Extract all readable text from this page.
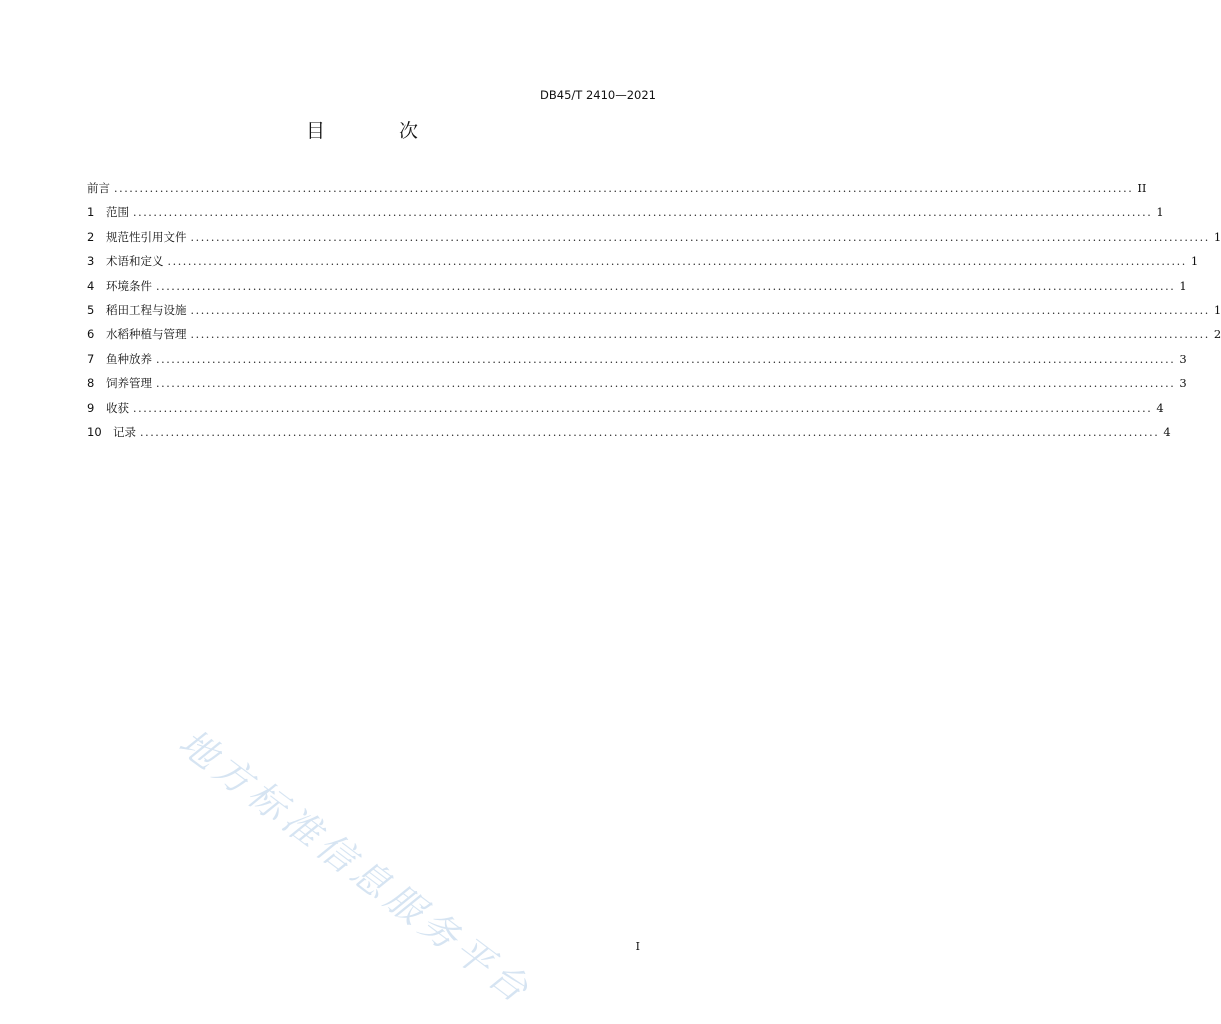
DB45/T 2410—2021
目 次
前言 ........................................................................................................................................................................................................ II
1	范围 ........................................................................................................................................................................................................ 1
2	规范性引用文件 ........................................................................................................................................................................................................ 1
3	术语和定义 ........................................................................................................................................................................................................ 1
4	环境条件 ........................................................................................................................................................................................................ 1
5	稻田工程与设施 ........................................................................................................................................................................................................ 1
6	水稻种植与管理 ........................................................................................................................................................................................................ 2
7	鱼种放养 ........................................................................................................................................................................................................ 3
8	饲养管理 ........................................................................................................................................................................................................ 3
9	收获 ........................................................................................................................................................................................................ 4
10 记录 ........................................................................................................................................................................................................ 4
地方标准信息服务平台	I
